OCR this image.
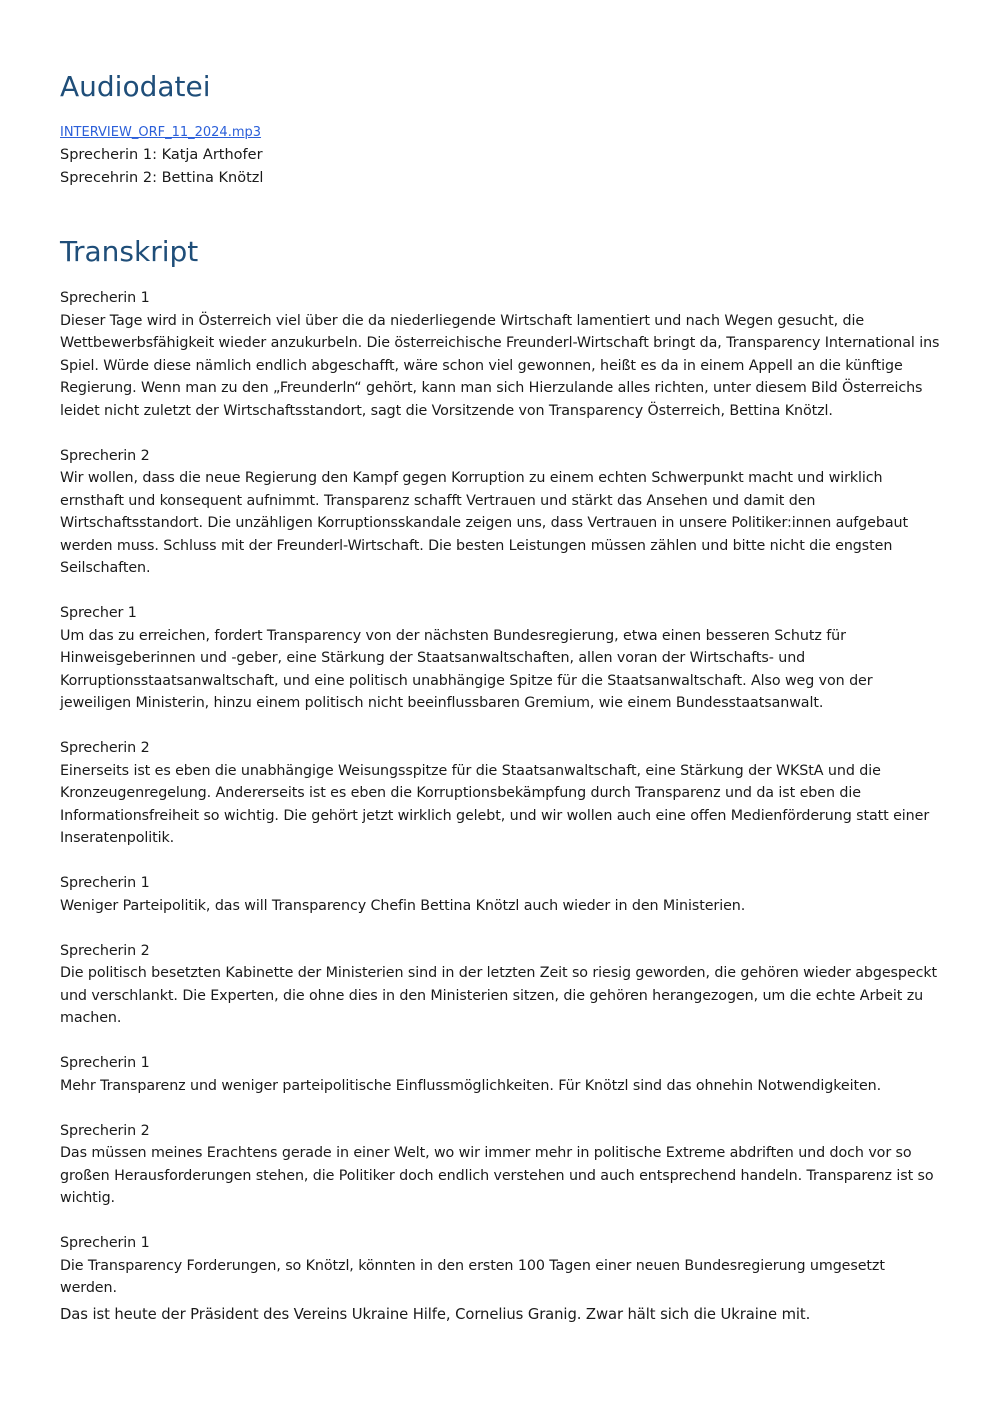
Audiodatei
INTERVIEW_ORF_11_2024.mp3
Sprecherin 1: Katja Arthofer
Sprecehrin 2: Bettina Knötzl
Transkript
Sprecherin 1
Dieser Tage wird in Österreich viel über die da niederliegende Wirtschaft lamentiert und nach Wegen gesucht, die Wettbewerbsfähigkeit wieder anzukurbeln. Die österreichische Freunderl-Wirtschaft bringt da, Transparency International ins Spiel. Würde diese nämlich endlich abgeschafft, wäre schon viel gewonnen, heißt es da in einem Appell an die künftige Regierung. Wenn man zu den „Freunderln“ gehört, kann man sich Hierzulande alles richten, unter diesem Bild Österreichs leidet nicht zuletzt der Wirtschaftsstandort, sagt die Vorsitzende von Transparency Österreich, Bettina Knötzl.
Sprecherin 2
Wir wollen, dass die neue Regierung den Kampf gegen Korruption zu einem echten Schwerpunkt macht und wirklich ernsthaft und konsequent aufnimmt. Transparenz schafft Vertrauen und stärkt das Ansehen und damit den Wirtschaftsstandort. Die unzähligen Korruptionsskandale zeigen uns, dass Vertrauen in unsere Politiker:innen aufgebaut werden muss. Schluss mit der Freunderl-Wirtschaft. Die besten Leistungen müssen zählen und bitte nicht die engsten Seilschaften.
Sprecher 1
Um das zu erreichen, fordert Transparency von der nächsten Bundesregierung, etwa einen besseren Schutz für Hinweisgeberinnen und -geber, eine Stärkung der Staatsanwaltschaften, allen voran der Wirtschafts- und Korruptionsstaatsanwaltschaft, und eine politisch unabhängige Spitze für die Staatsanwaltschaft. Also weg von der jeweiligen Ministerin, hinzu einem politisch nicht beeinflussbaren Gremium, wie einem Bundesstaatsanwalt.
Sprecherin 2
Einerseits ist es eben die unabhängige Weisungsspitze für die Staatsanwaltschaft, eine Stärkung der WKStA und die Kronzeugenregelung. Andererseits ist es eben die Korruptionsbekämpfung durch Transparenz und da ist eben die Informationsfreiheit so wichtig. Die gehört jetzt wirklich gelebt, und wir wollen auch eine offen Medienförderung statt einer Inseratenpolitik.
Sprecherin 1
Weniger Parteipolitik, das will Transparency Chefin Bettina Knötzl auch wieder in den Ministerien.
Sprecherin 2
Die politisch besetzten Kabinette der Ministerien sind in der letzten Zeit so riesig geworden, die gehören wieder abgespeckt und verschlankt. Die Experten, die ohne dies in den Ministerien sitzen, die gehören herangezogen, um die echte Arbeit zu machen.
Sprecherin 1
Mehr Transparenz und weniger parteipolitische Einflussmöglichkeiten. Für Knötzl sind das ohnehin Notwendigkeiten.
Sprecherin 2
Das müssen meines Erachtens gerade in einer Welt, wo wir immer mehr in politische Extreme abdriften und doch vor so großen Herausforderungen stehen, die Politiker doch endlich verstehen und auch entsprechend handeln. Transparenz ist so wichtig.
Sprecherin 1
Die Transparency Forderungen, so Knötzl, könnten in den ersten 100 Tagen einer neuen Bundesregierung umgesetzt werden.
Das ist heute der Präsident des Vereins Ukraine Hilfe, Cornelius Granig. Zwar hält sich die Ukraine mit.
